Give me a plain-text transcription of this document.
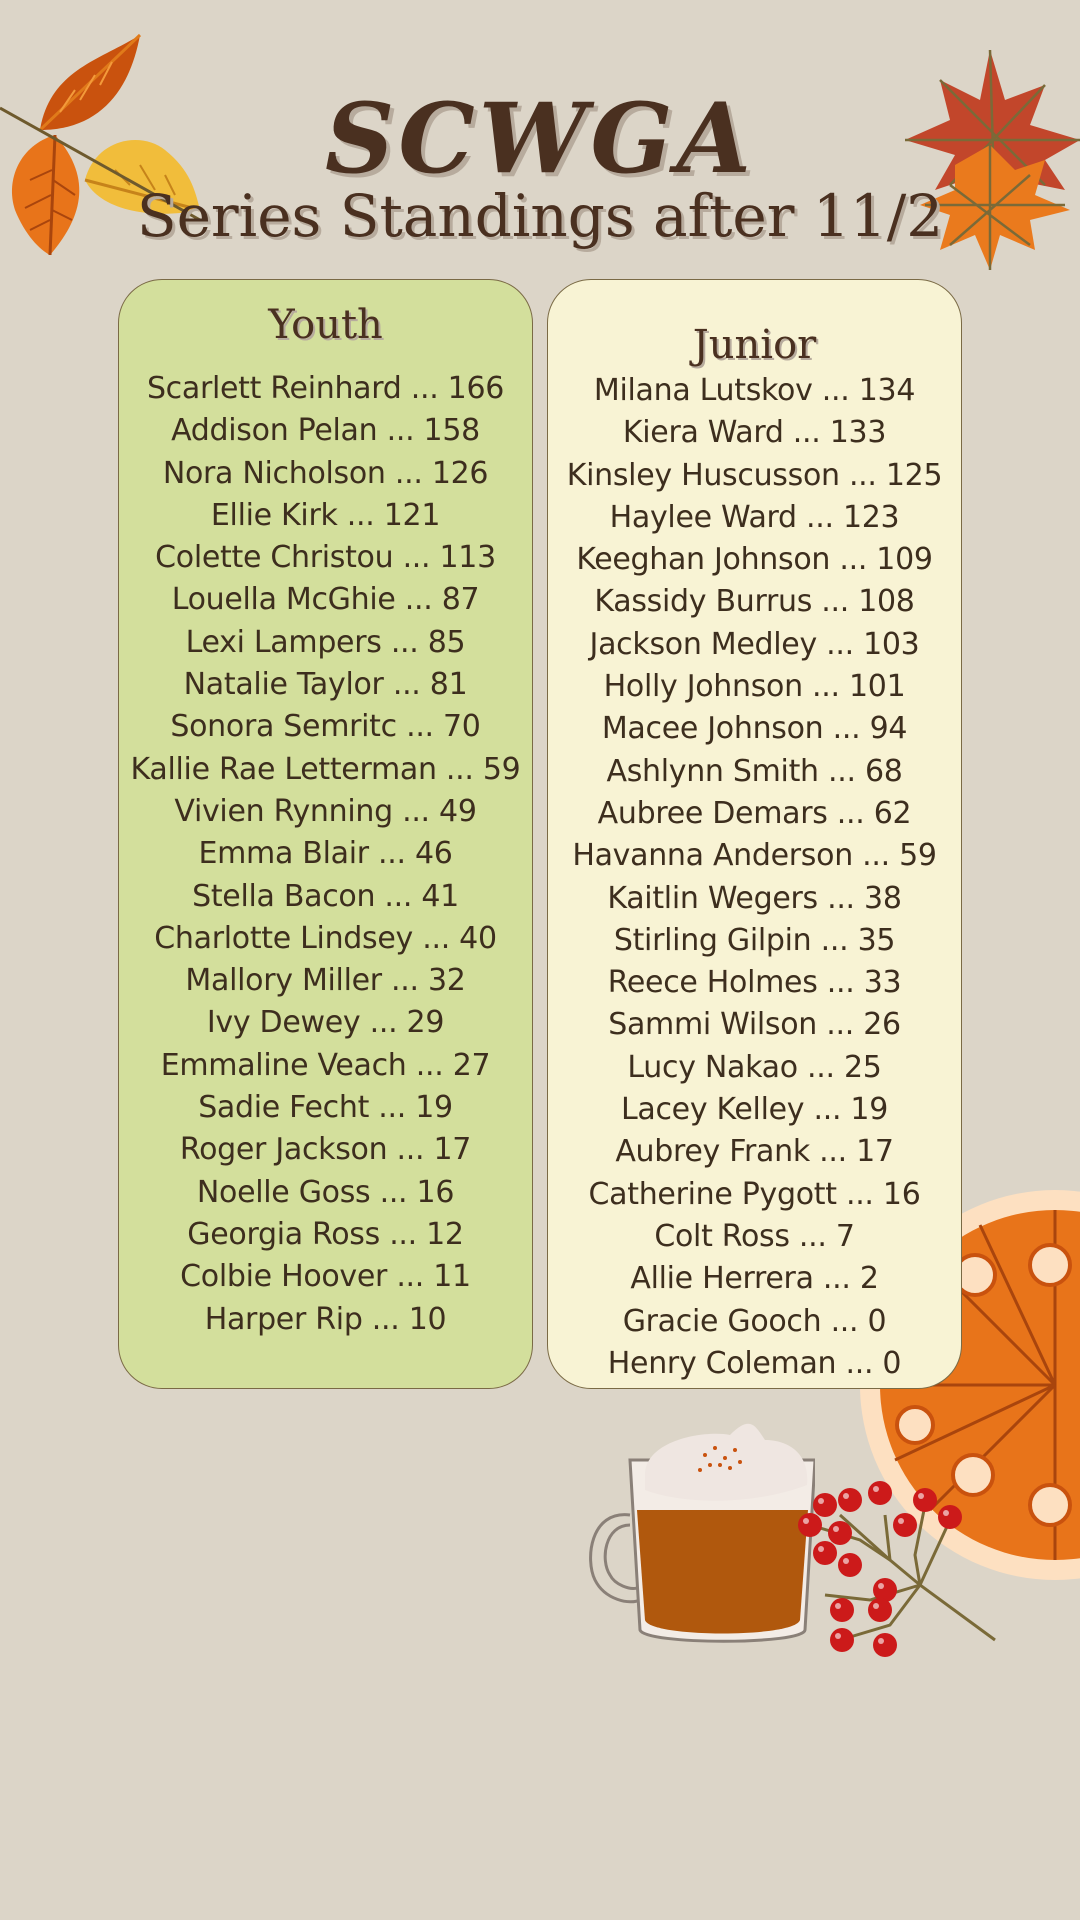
SCWGA
Series Standings after 11/2
Youth
Scarlett Reinhard ... 166
Addison Pelan ... 158
Nora Nicholson ... 126
Ellie Kirk ... 121
Colette Christou ... 113
Louella McGhie ... 87
Lexi Lampers ... 85
Natalie Taylor ... 81
Sonora Semritc ... 70
Kallie Rae Letterman ... 59
Vivien Rynning ... 49
Emma Blair ... 46
Stella Bacon ... 41
Charlotte Lindsey ... 40
Mallory Miller ... 32
Ivy Dewey ... 29
Emmaline Veach ... 27
Sadie Fecht ... 19
Roger Jackson ... 17
Noelle Goss ... 16
Georgia Ross ... 12
Colbie Hoover ... 11
Harper Rip ... 10
Junior
Milana Lutskov ... 134
Kiera Ward ... 133
Kinsley Huscusson ... 125
Haylee Ward ... 123
Keeghan Johnson ... 109
Kassidy Burrus ... 108
Jackson Medley ... 103
Holly Johnson ... 101
Macee Johnson ... 94
Ashlynn Smith ... 68
Aubree Demars ... 62
Havanna Anderson ... 59
Kaitlin Wegers ... 38
Stirling Gilpin ... 35
Reece Holmes ... 33
Sammi Wilson ... 26
Lucy Nakao ... 25
Lacey Kelley ... 19
Aubrey Frank ... 17
Catherine Pygott ... 16
Colt Ross ... 7
Allie Herrera ... 2
Gracie Gooch ... 0
Henry Coleman ... 0
